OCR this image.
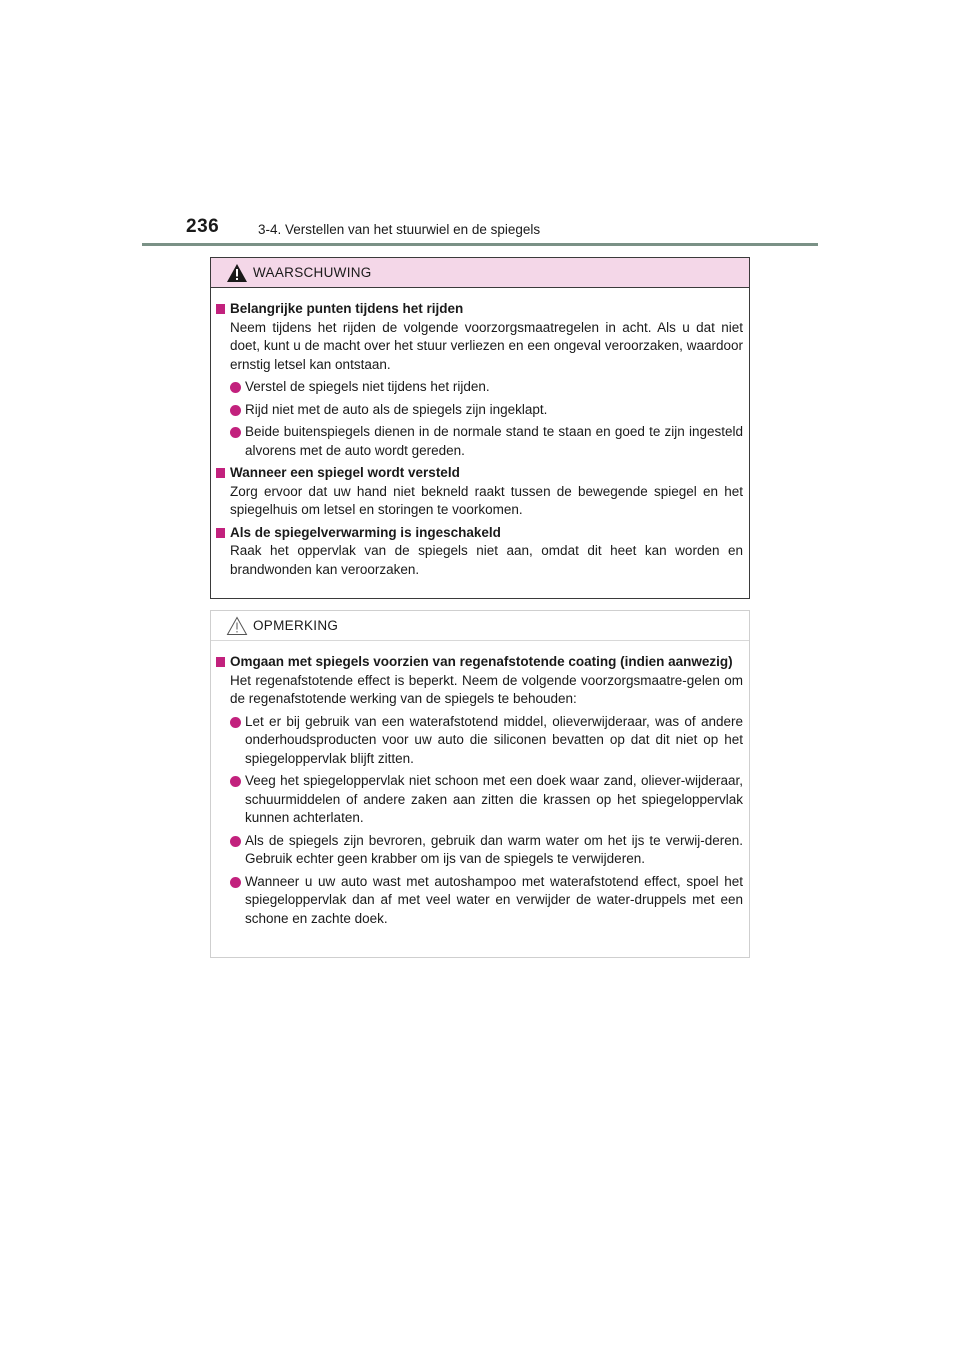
236	3-4. Verstellen van het stuurwiel en de spiegels
WAARSCHUWING
Belangrijke punten tijdens het rijden
Neem tijdens het rijden de volgende voorzorgsmaatregelen in acht. Als u dat niet doet, kunt u de macht over het stuur verliezen en een ongeval veroorzaken, waardoor ernstig letsel kan ontstaan.
Verstel de spiegels niet tijdens het rijden.
Rijd niet met de auto als de spiegels zijn ingeklapt.
Beide buitenspiegels dienen in de normale stand te staan en goed te zijn ingesteld alvorens met de auto wordt gereden.
Wanneer een spiegel wordt versteld
Zorg ervoor dat uw hand niet bekneld raakt tussen de bewegende spiegel en het spiegelhuis om letsel en storingen te voorkomen.
Als de spiegelverwarming is ingeschakeld
Raak het oppervlak van de spiegels niet aan, omdat dit heet kan worden en brandwonden kan veroorzaken.
OPMERKING
Omgaan met spiegels voorzien van regenafstotende coating (indien aanwezig)
Het regenafstotende effect is beperkt. Neem de volgende voorzorgsmaatre-gelen om de regenafstotende werking van de spiegels te behouden:
Let er bij gebruik van een waterafstotend middel, olieverwijderaar, was of andere onderhoudsproducten voor uw auto die siliconen bevatten op dat dit niet op het spiegeloppervlak blijft zitten.
Veeg het spiegeloppervlak niet schoon met een doek waar zand, oliever-wijderaar, schuurmiddelen of andere zaken aan zitten die krassen op het spiegeloppervlak kunnen achterlaten.
Als de spiegels zijn bevroren, gebruik dan warm water om het ijs te verwij-deren. Gebruik echter geen krabber om ijs van de spiegels te verwijderen.
Wanneer u uw auto wast met autoshampoo met waterafstotend effect, spoel het spiegeloppervlak dan af met veel water en verwijder de water-druppels met een schone en zachte doek.
